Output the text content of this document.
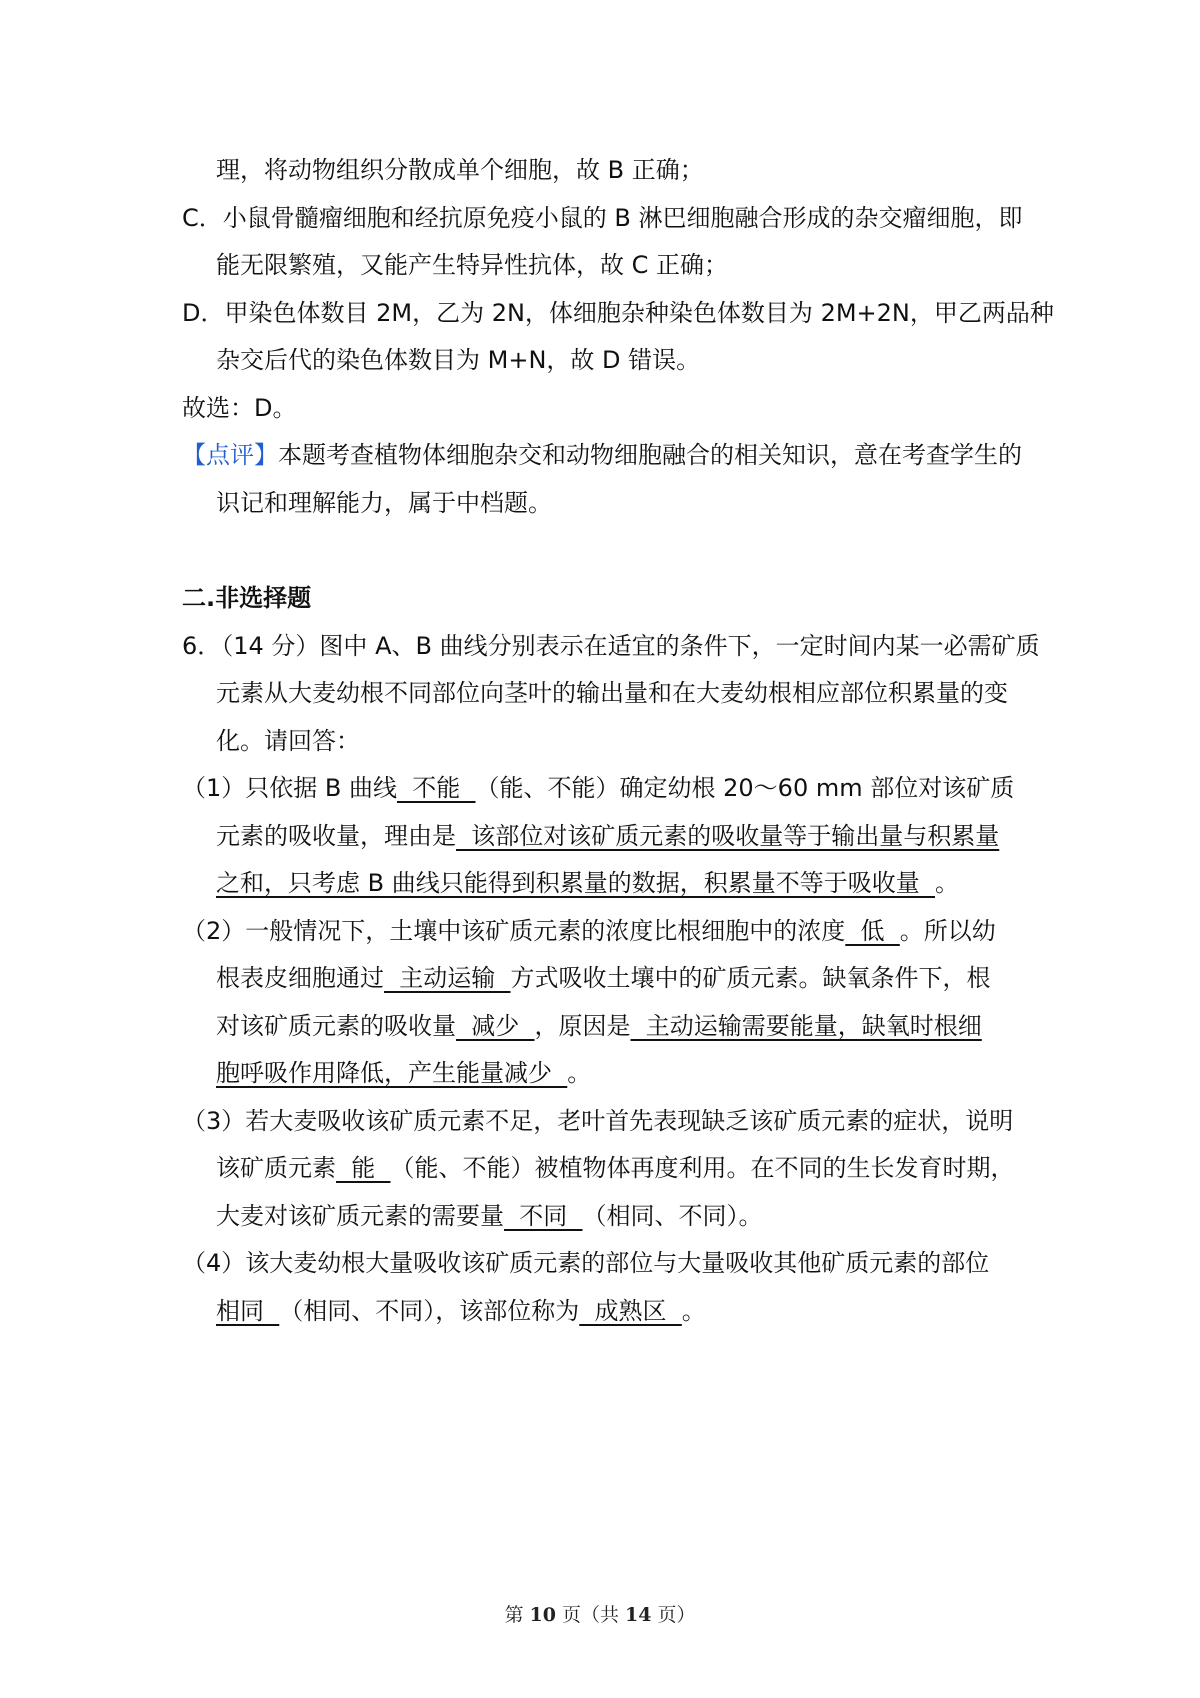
理，将动物组织分散成单个细胞，故 B 正确；
C．小鼠骨髓瘤细胞和经抗原免疫小鼠的 B 淋巴细胞融合形成的杂交瘤细胞，即
能无限繁殖，又能产生特异性抗体，故 C 正确；
D．甲染色体数目 2M，乙为 2N，体细胞杂种染色体数目为 2M+2N，甲乙两品种
杂交后代的染色体数目为 M+N，故 D 错误。
故选：D。
【点评】本题考查植物体细胞杂交和动物细胞融合的相关知识，意在考查学生的
识记和理解能力，属于中档题。
二.非选择题
6．（14 分）图中 A、B 曲线分别表示在适宜的条件下，一定时间内某一必需矿质
元素从大麦幼根不同部位向茎叶的输出量和在大麦幼根相应部位积累量的变
化。请回答：
（1）只依据 B 曲线  不能  （能、不能）确定幼根 20～60 mm 部位对该矿质
元素的吸收量，理由是  该部位对该矿质元素的吸收量等于输出量与积累量
之和，只考虑 B 曲线只能得到积累量的数据，积累量不等于吸收量  。
（2）一般情况下，土壤中该矿质元素的浓度比根细胞中的浓度  低  。所以幼
根表皮细胞通过  主动运输  方式吸收土壤中的矿质元素。缺氧条件下，根
对该矿质元素的吸收量  减少  ，原因是  主动运输需要能量，缺氧时根细
胞呼吸作用降低，产生能量减少  。
（3）若大麦吸收该矿质元素不足，老叶首先表现缺乏该矿质元素的症状，说明
该矿质元素  能  （能、不能）被植物体再度利用。在不同的生长发育时期，
大麦对该矿质元素的需要量  不同  （相同、不同）。
（4）该大麦幼根大量吸收该矿质元素的部位与大量吸收其他矿质元素的部位
相同  （相同、不同），该部位称为  成熟区  。
第 10 页（共 14 页）
